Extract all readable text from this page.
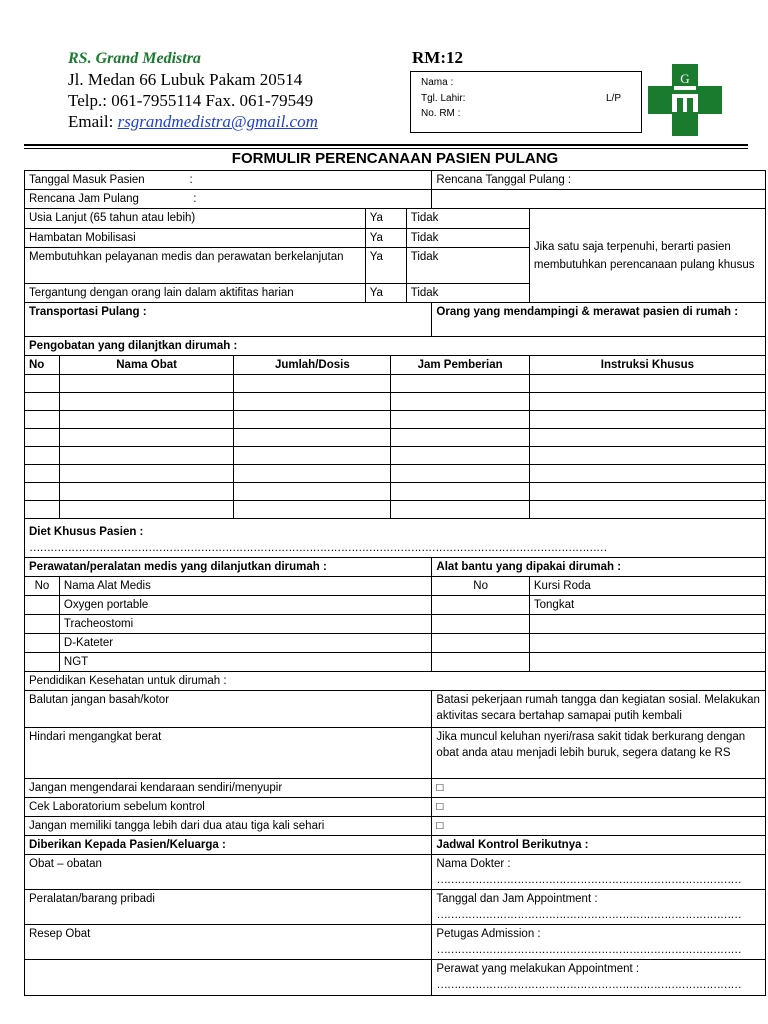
RS. Grand Medistra
Jl. Medan 66 Lubuk Pakam 20514
Telp.: 061-7955114 Fax. 061-79549
Email: rsgrandmedistra@gmail.com
RM:12
Nama :
Tgl. Lahir:	L/P
No. RM :
G
FORMULIR PERENCANAAN PASIEN PULANG
Tanggal Masuk Pasien              :						Rencana Tanggal Pulang :	
Rencana Jam Pulang                 :							
Usia Lanjut (65 tahun atau lebih)			Ya		Tidak		Jika satu saja terpenuhi, berarti pasien membutuhkan perencanaan pulang khusus
Hambatan Mobilisasi			Ya		Tidak		
Membutuhkan pelayanan medis dan perawatan berkelanjutan			Ya		Tidak		
Tergantung dengan orang lain dalam aktifitas harian			Ya		Tidak		
Transportasi Pulang :						Orang yang mendampingi & merawat pasien di rumah :	
Pengobatan yang dilanjtkan dirumah :							
No	Nama Obat	Jumlah/Dosis		Jam Pemberian			Instruksi Khusus

Diet Khusus Pasien :
…………………………………………………………………………………………………………………………………………………							

Perawatan/peralatan medis yang dilanjutkan dirumah :						Alat bantu yang dipakai dirumah :	
No	Nama Alat Medis					No	Kursi Roda
	Oxygen portable						Tongkat
	Tracheostomi						
	D-Kateter						
	NGT						
Pendidikan Kesehatan untuk dirumah :							
Balutan jangan basah/kotor						Batasi pekerjaan rumah tangga dan kegiatan sosial. Melakukan aktivitas secara bertahap samapai putih kembali	
Hindari mengangkat berat						Jika muncul keluhan nyeri/rasa sakit tidak berkurang dengan obat anda atau menjadi lebih buruk, segera datang ke RS	
Jangan mengendarai kendaraan sendiri/menyupir						□	
Cek Laboratorium sebelum kontrol						□	
Jangan memiliki tangga lebih dari dua atau tiga kali sehari						□	
Diberikan Kepada Pasien/Keluarga :						Jadwal Kontrol Berikutnya :	
Obat – obatan						Nama Dokter :
……………………………………………………………………………	

Peralatan/barang pribadi						Tanggal dan Jam Appointment :
……………………………………………………………………………	

Resep Obat						Petugas Admission :
……………………………………………………………………………	

						Perawat yang melakukan Appointment :
……………………………………………………………………………	
